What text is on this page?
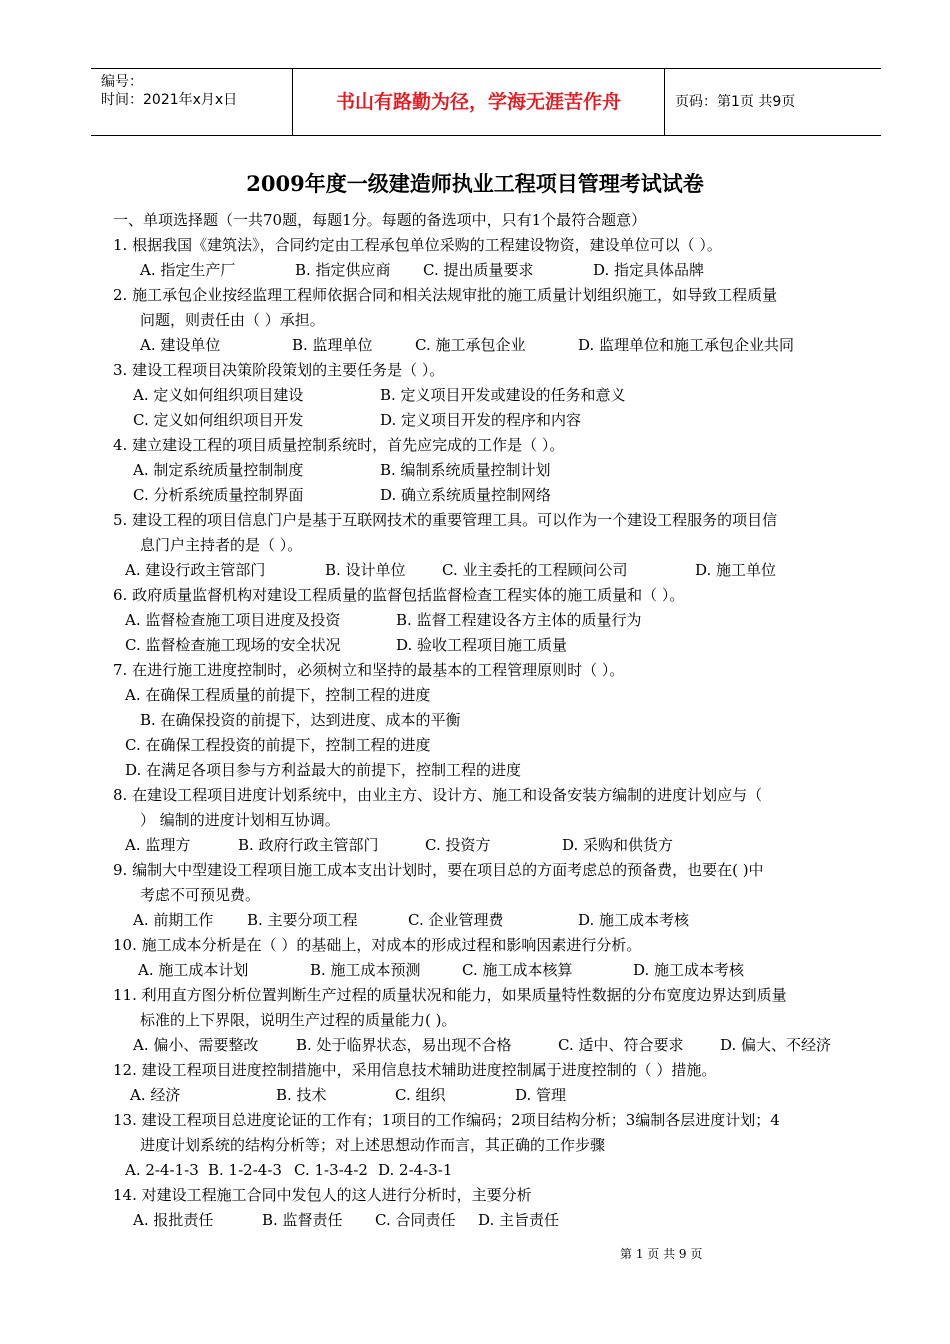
编号：
时间：2021年x月x日	书山有路勤为径，学海无涯苦作舟	页码：第1页 共9页
2009年度一级建造师执业工程项目管理考试试卷
一、单项选择题（一共70题，每题1分。每题的备选项中，只有1个最符合题意）
1. 根据我国《建筑法》，合同约定由工程承包单位采购的工程建设物资，建设单位可以（ ）。
A. 指定生产厂	B. 指定供应商 C. 提出质量要求	D. 指定具体品牌
2. 施工承包企业按经监理工程师依据合同和相关法规审批的施工质量计划组织施工，如导致工程质量
问题，则责任由（ ）承担。
A. 建设单位	B. 监理单位	C. 施工承包企业	D. 监理单位和施工承包企业共同
3. 建设工程项目决策阶段策划的主要任务是（ ）。
A. 定义如何组织项目建设	B. 定义项目开发或建设的任务和意义
C. 定义如何组织项目开发	D. 定义项目开发的程序和内容
4. 建立建设工程的项目质量控制系统时，首先应完成的工作是（ ）。
A. 制定系统质量控制制度	B. 编制系统质量控制计划
C. 分析系统质量控制界面	D. 确立系统质量控制网络
5. 建设工程的项目信息门户是基于互联网技术的重要管理工具。可以作为一个建设工程服务的项目信
息门户主持者的是（ ）。
A. 建设行政主管部门	B. 设计单位 C. 业主委托的工程顾问公司	D. 施工单位
6. 政府质量监督机构对建设工程质量的监督包括监督检查工程实体的施工质量和（ ）。
A. 监督检查施工项目进度及投资	B. 监督工程建设各方主体的质量行为
C. 监督检查施工现场的安全状况	D. 验收工程项目施工质量
7. 在进行施工进度控制时，必须树立和坚持的最基本的工程管理原则时（ ）。
A. 在确保工程质量的前提下，控制工程的进度
B. 在确保投资的前提下，达到进度、成本的平衡
C. 在确保工程投资的前提下，控制工程的进度
D. 在满足各项目参与方利益最大的前提下，控制工程的进度
8. 在建设工程项目进度计划系统中，由业主方、设计方、施工和设备安装方编制的进度计划应与（
） 编制的进度计划相互协调。
A. 监理方	B. 政府行政主管部门	C. 投资方	D. 采购和供货方
9. 编制大中型建设工程项目施工成本支出计划时，要在项目总的方面考虑总的预备费，也要在( )中
考虑不可预见费。
A. 前期工作 B. 主要分项工程	C. 企业管理费	D. 施工成本考核
10. 施工成本分析是在（ ）的基础上，对成本的形成过程和影响因素进行分析。
A. 施工成本计划	B. 施工成本预测	C. 施工成本核算	D. 施工成本考核
11. 利用直方图分析位置判断生产过程的质量状况和能力，如果质量特性数据的分布宽度边界达到质量
标准的上下界限，说明生产过程的质量能力( )。
A. 偏小、需要整改	B. 处于临界状态，易出现不合格	C. 适中、符合要求 D. 偏大、不经济
12. 建设工程项目进度控制措施中，采用信息技术辅助进度控制属于进度控制的（ ）措施。
A. 经济	B. 技术	C. 组织	D. 管理
13. 建设工程项目总进度论证的工作有；1项目的工作编码；2项目结构分析；3编制各层进度计划；4
进度计划系统的结构分析等；对上述思想动作而言，其正确的工作步骤
A. 2-4-1-3 B. 1-2-4-3 C. 1-3-4-2 D. 2-4-3-1
14. 对建设工程施工合同中发包人的这人进行分析时，主要分析
A. 报批责任	B. 监督责任 C. 合同责任 D. 主旨责任
第 1 页 共 9 页
